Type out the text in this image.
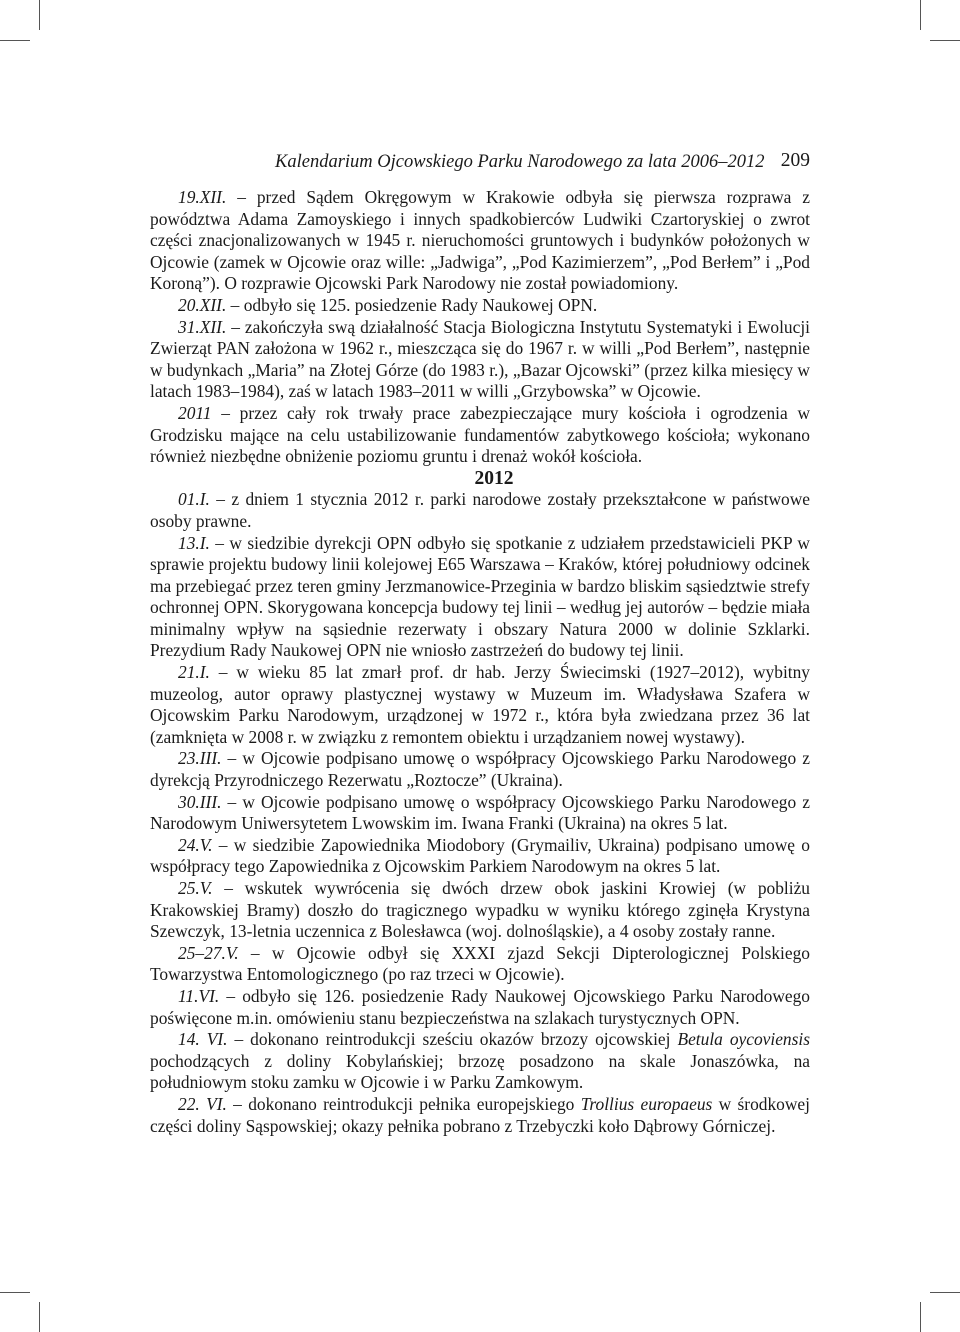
Kalendarium Ojcowskiego Parku Narodowego za lata 2006–2012 209

19.XII. – przed Sądem Okręgowym w Krakowie odbyła się pierwsza rozprawa z powództwa Adama Zamoyskiego i innych spadkobierców Ludwiki Czartoryskiej o zwrot części znacjonalizowanych w 1945 r. nieruchomości gruntowych i budynków położonych w Ojcowie (zamek w Ojcowie oraz wille: „Jadwiga”, „Pod Kazimierzem”, „Pod Berłem” i „Pod Koroną”). O rozprawie Ojcowski Park Narodowy nie został powiadomiony.

20.XII. – odbyło się 125. posiedzenie Rady Naukowej OPN.

31.XII. – zakończyła swą działalność Stacja Biologiczna Instytutu Systematyki i Ewolucji Zwierząt PAN założona w 1962 r., mieszcząca się do 1967 r. w willi „Pod Berłem”, następnie w budynkach „Maria” na Złotej Górze (do 1983 r.), „Bazar Ojcowski” (przez kilka miesięcy w latach 1983–1984), zaś w latach 1983–2011 w willi „Grzybowska” w Ojcowie.

2011 – przez cały rok trwały prace zabezpieczające mury kościoła i ogrodzenia w Grodzisku mające na celu ustabilizowanie fundamentów zabytkowego kościoła; wykonano również niezbędne obniżenie poziomu gruntu i drenaż wokół kościoła.

2012

01.I. – z dniem 1 stycznia 2012 r. parki narodowe zostały przekształcone w państwowe osoby prawne.

13.I. – w siedzibie dyrekcji OPN odbyło się spotkanie z udziałem przedstawicieli PKP w sprawie projektu budowy linii kolejowej E65 Warszawa – Kraków, której południowy odcinek ma przebiegać przez teren gminy Jerzmanowice-Przeginia w bardzo bliskim sąsiedztwie strefy ochronnej OPN. Skorygowana koncepcja budowy tej linii – według jej autorów – będzie miała minimalny wpływ na sąsiednie rezerwaty i obszary Natura 2000 w dolinie Szklarki. Prezydium Rady Naukowej OPN nie wniosło zastrzeżeń do budowy tej linii.

21.I. – w wieku 85 lat zmarł prof. dr hab. Jerzy Świecimski (1927–2012), wybitny muzeolog, autor oprawy plastycznej wystawy w Muzeum im. Władysława Szafera w Ojcowskim Parku Narodowym, urządzonej w 1972 r., która była zwiedzana przez 36 lat (zamknięta w 2008 r. w związku z remontem obiektu i urządzaniem nowej wystawy).

23.III. – w Ojcowie podpisano umowę o współpracy Ojcowskiego Parku Narodowego z dyrekcją Przyrodniczego Rezerwatu „Roztocze” (Ukraina).

30.III. – w Ojcowie podpisano umowę o współpracy Ojcowskiego Parku Narodowego z Narodowym Uniwersytetem Lwowskim im. Iwana Franki (Ukraina) na okres 5 lat.

24.V. – w siedzibie Zapowiednika Miodobory (Grymailiv, Ukraina) podpisano umowę o współpracy tego Zapowiednika z Ojcowskim Parkiem Narodowym na okres 5 lat.

25.V. – wskutek wywrócenia się dwóch drzew obok jaskini Krowiej (w pobliżu Krakowskiej Bramy) doszło do tragicznego wypadku w wyniku którego zginęła Krystyna Szewczyk, 13-letnia uczennica z Bolesławca (woj. dolnośląskie), a 4 osoby zostały ranne.

25–27.V. – w Ojcowie odbył się XXXI zjazd Sekcji Dipterologicznej Polskiego Towarzystwa Entomologicznego (po raz trzeci w Ojcowie).

11.VI. – odbyło się 126. posiedzenie Rady Naukowej Ojcowskiego Parku Narodowego poświęcone m.in. omówieniu stanu bezpieczeństwa na szlakach turystycznych OPN.

14. VI. – dokonano reintrodukcji sześciu okazów brzozy ojcowskiej Betula oycoviensis pochodzących z doliny Kobylańskiej; brzozę posadzono na skale Jonaszówka, na południowym stoku zamku w Ojcowie i w Parku Zamkowym.

22. VI. – dokonano reintrodukcji pełnika europejskiego Trollius europaeus w środkowej części doliny Sąspowskiej; okazy pełnika pobrano z Trzebyczki koło Dąbrowy Górniczej.
